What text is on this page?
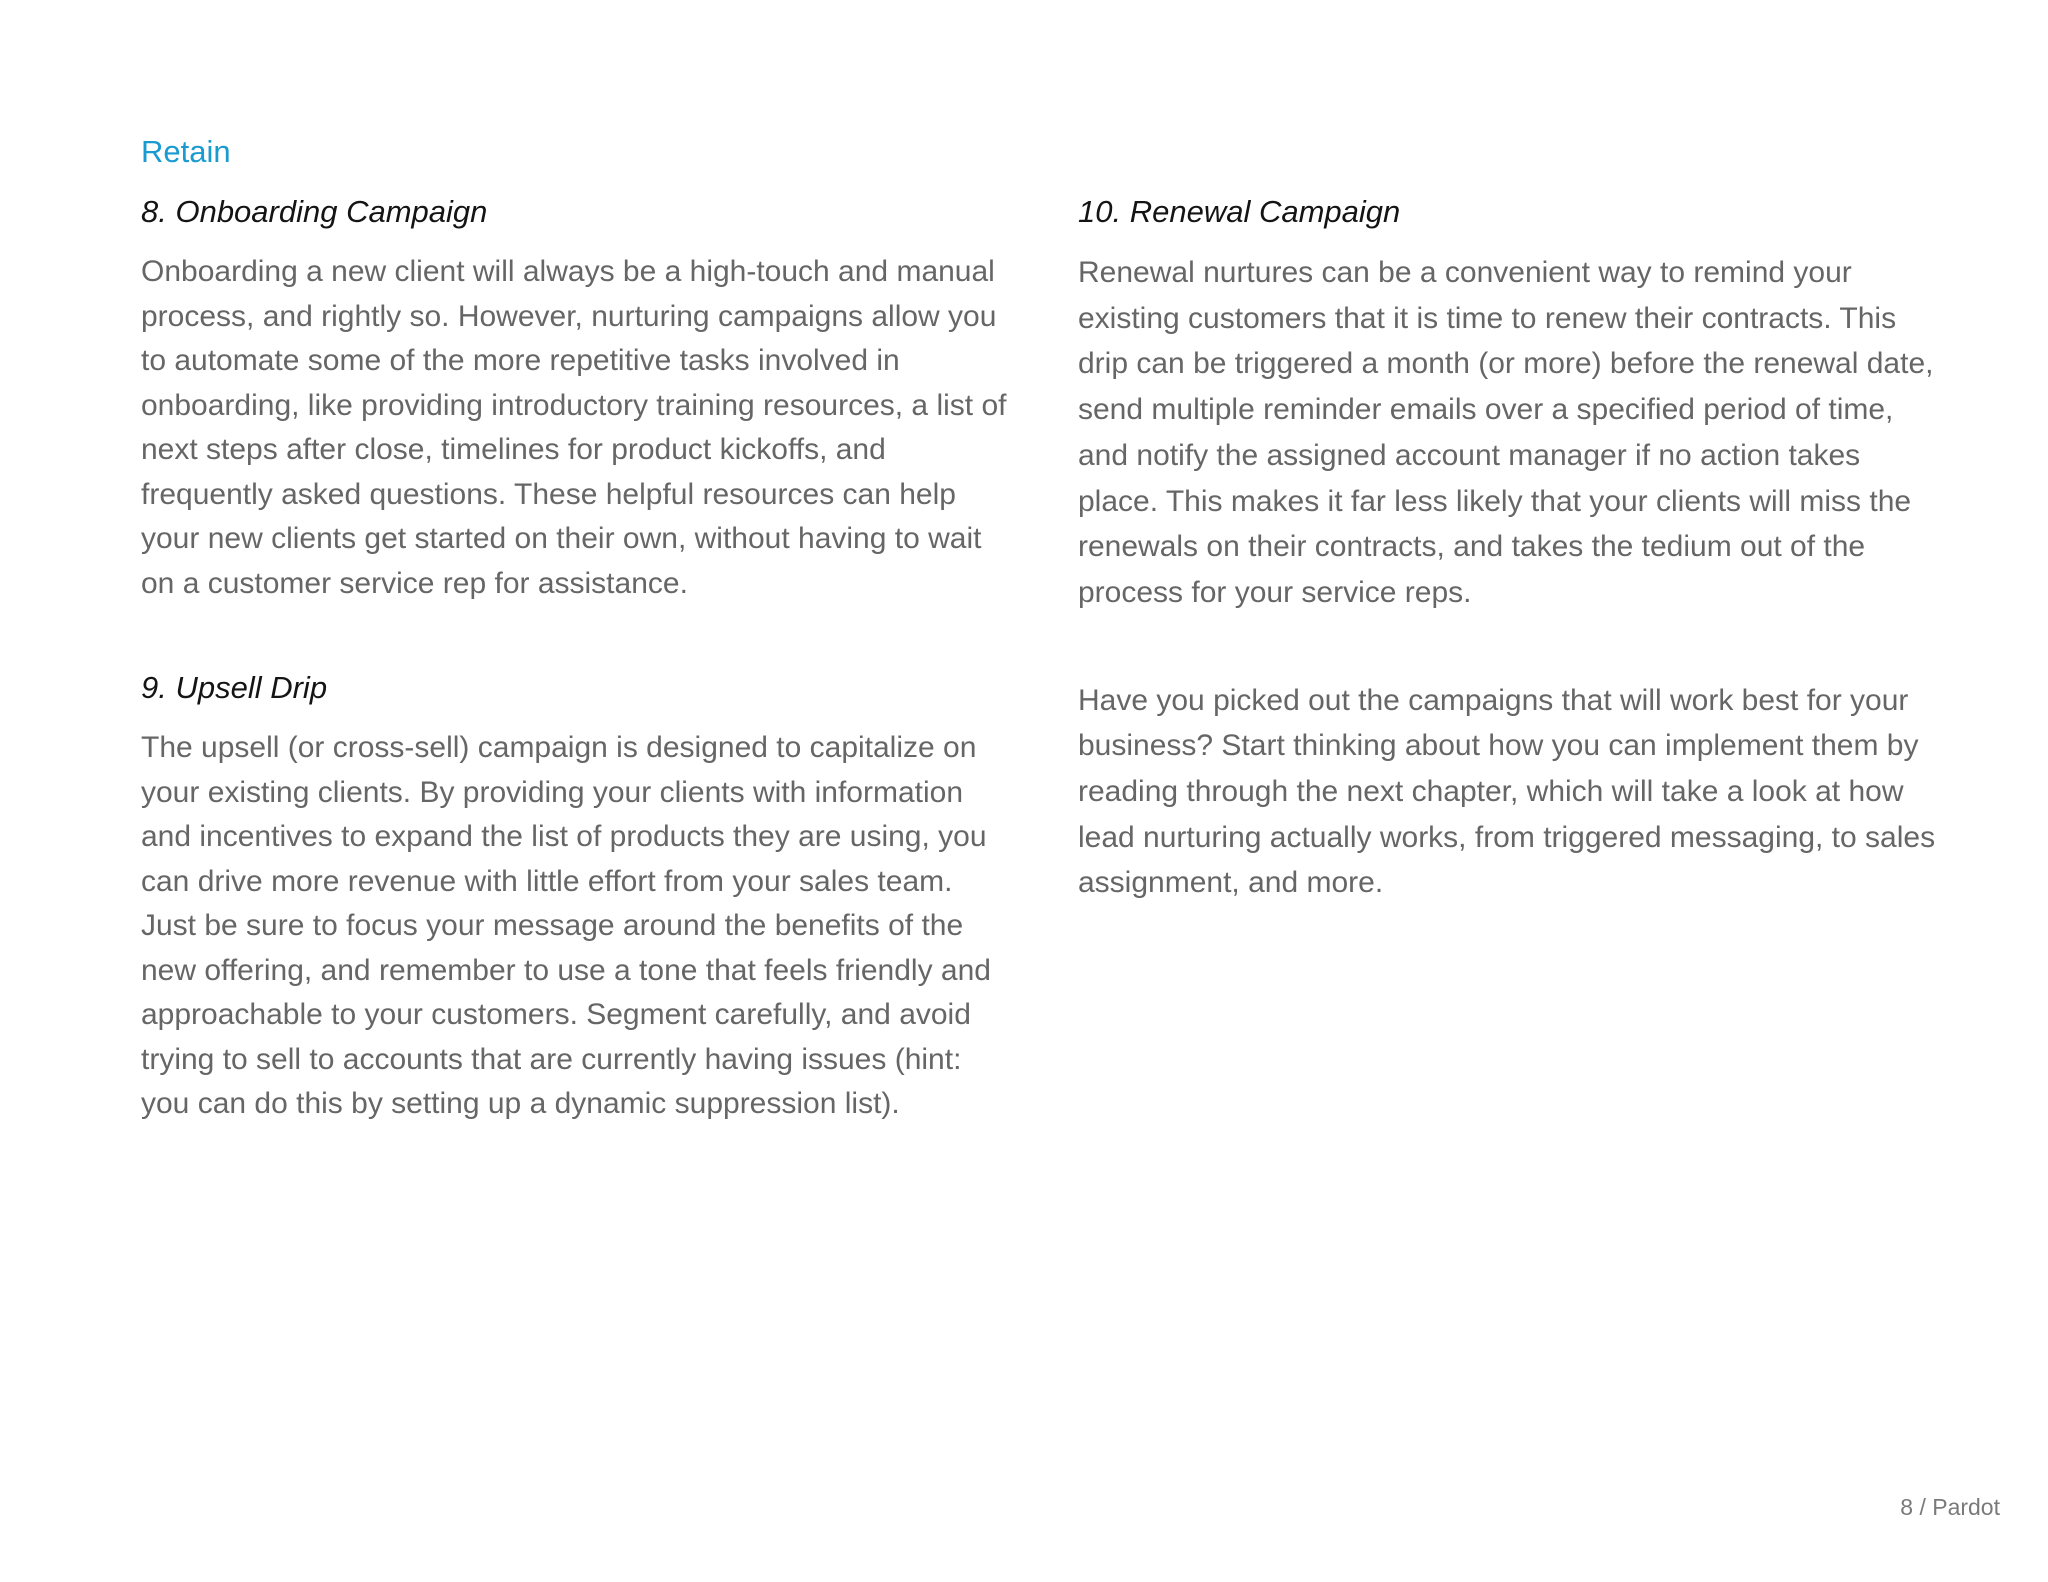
Retain
8. Onboarding Campaign

Onboarding a new client will always be a high-touch and manual process, and rightly so. However, nurturing campaigns allow you to automate some of the more repetitive tasks involved in onboarding, like providing introductory training resources, a list of next steps after close, timelines for product kickoffs, and frequently asked questions. These helpful resources can help your new clients get started on their own, without having to wait on a customer service rep for assistance.

9. Upsell Drip

The upsell (or cross-sell) campaign is designed to capitalize on your existing clients. By providing your clients with information and incentives to expand the list of products they are using, you can drive more revenue with little effort from your sales team. Just be sure to focus your message around the benefits of the new offering, and remember to use a tone that feels friendly and approachable to your customers. Segment carefully, and avoid trying to sell to accounts that are currently having issues (hint: you can do this by setting up a dynamic suppression list).

10. Renewal Campaign

Renewal nurtures can be a convenient way to remind your existing customers that it is time to renew their contracts. This drip can be triggered a month (or more) before the renewal date, send multiple reminder emails over a specified period of time, and notify the assigned account manager if no action takes place. This makes it far less likely that your clients will miss the renewals on their contracts, and takes the tedium out of the process for your service reps.

Have you picked out the campaigns that will work best for your business? Start thinking about how you can implement them by reading through the next chapter, which will take a look at how lead nurturing actually works, from triggered messaging, to sales assignment, and more.

8 / Pardot
